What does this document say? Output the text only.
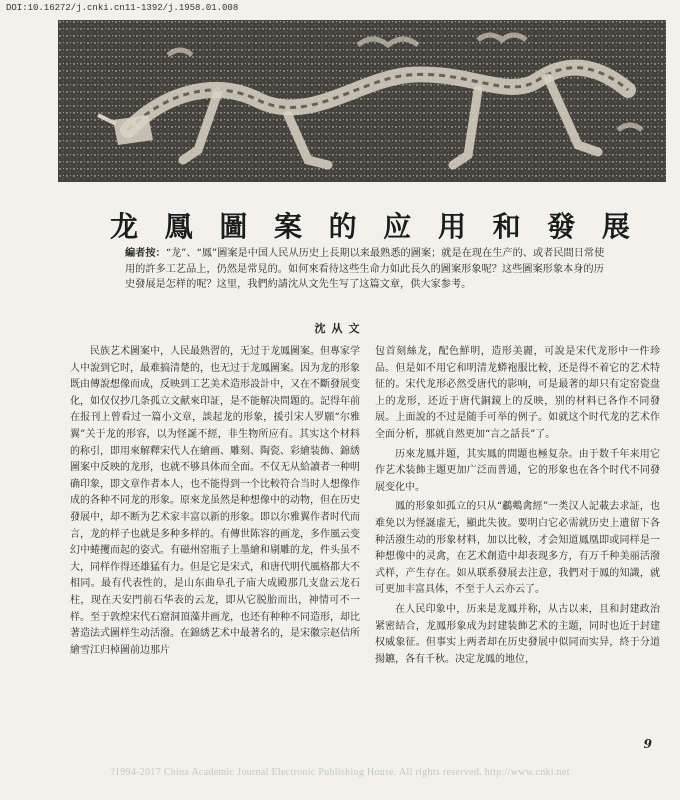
DOI:10.16272/j.cnki.cn11-1392/j.1958.01.008
龙 鳳 圖 案 的 应 用 和 發 展
編者按：“龙”、“鳳”圖案是中国人民从历史上長期以来最熟悉的圖案；就是在现在生产的、或者民間日常使用的許多工艺品上，仍然是常見的。如何來看待这些生命力如此長久的圖案形象呢？这些圖案形象本身的历史發展是怎样的呢？这里，我們約請沈从文先生写了这篇文章，供大家参考。
沈从文

民族艺术圖案中，人民最熟習的，无过于龙鳳圖案。但專家学人中說到它时，最难搞清楚的，也无过于龙鳳圖案。因为龙的形象既由傳說想像而成，反映到工艺美术造形設計中，又在不斷發展变化，如仅仅抄几条孤立文献來印証，是不能解决問題的。記得年前在报刊上曾看过一篇小文章，談起龙的形象，援引宋人罗願“尔雅翼”关于龙的形容，以为怪誕不經，非生物所应有。其实这个材料的称引，即用來解釋宋代人在繪画、雕刻、陶瓷、彩繪装飾、錦綉圖案中反映的龙形，也就不够具体而全面。不仅无从給讀者一种明确印象，即文章作者本人，也不能得到一个比較符合当时人想像作成的各种不同龙的形象。原來龙虽然是种想像中的动物，但在历史發展中，却不断为艺术家丰富以新的形象。即以尔雅翼作者时代而言，龙的样子也就是多种多样的。有傳世陈容的画龙，多作風云变幻中蜷攫而起的姿式。有磁州窑瓶子上墨繪和剔雕的龙，件头虽不大，同样作得还雄猛有力。但是它是宋式，和唐代明代風格都大不相同。最有代表性的，是山东曲阜孔子庙大成殿那几支盘云龙石柱，现在天安門前石华表的云龙，即从它脱胎而出，神情可不一样。至于敦煌宋代石窟洞頂藻井画龙，也还有种种不同造形，却比著造法式圖样生动活潑。在錦綉艺术中最著名的，是宋徽宗赵佶所繪雪江归棹圖前边那片

包首刻絲龙，配色鮮明，造形美麗，可說是宋代龙形中一件珍品。但是如不用它和明清龙蟒袍服比較，还是得不着它的艺术特征的。宋代龙形必然受唐代的影响，可是最著的却只有定窑瓷盘上的龙形，还近于唐代銅鏡上的反映，别的材料已各作不同發展。上面說的不过是随手可举的例子。如就这个时代龙的艺术作全面分析，那就自然更加“言之話長”了。

历來龙鳳并題，其实鳳的問題也極复杂。由于数千年来用它作艺术装飾主題更加广泛而普通，它的形象也在各个时代不同發展变化中。

鳳的形象如孤立的只从“鷫鷞禽經”一类汉人記載去求証，也难免以为怪誕虚无，顯此失彼。要明白它必需就历史上遺留下各种活潑生动的形象材料，加以比較，才会知道鳳凰即或同样是一种想像中的灵禽，在艺术創造中却表现多方，有万千种美丽活潑式样，产生存在。如从联系發展去注意，我們对于鳳的知識，就可更加丰富具体，不至于人云亦云了。

在人民印象中，历来是龙鳳并称，从古以来，且和封建政治紧密結合，龙鳳形象成为封建装飾艺术的主題，同时也近于封建权威象征。但事实上两者却在历史發展中似同而实异，終于分道揚鑣，各有千秋。决定龙鳳的地位，

9
?1994-2017 China Academic Journal Electronic Publishing House. All rights reserved. http://www.cnki.net
